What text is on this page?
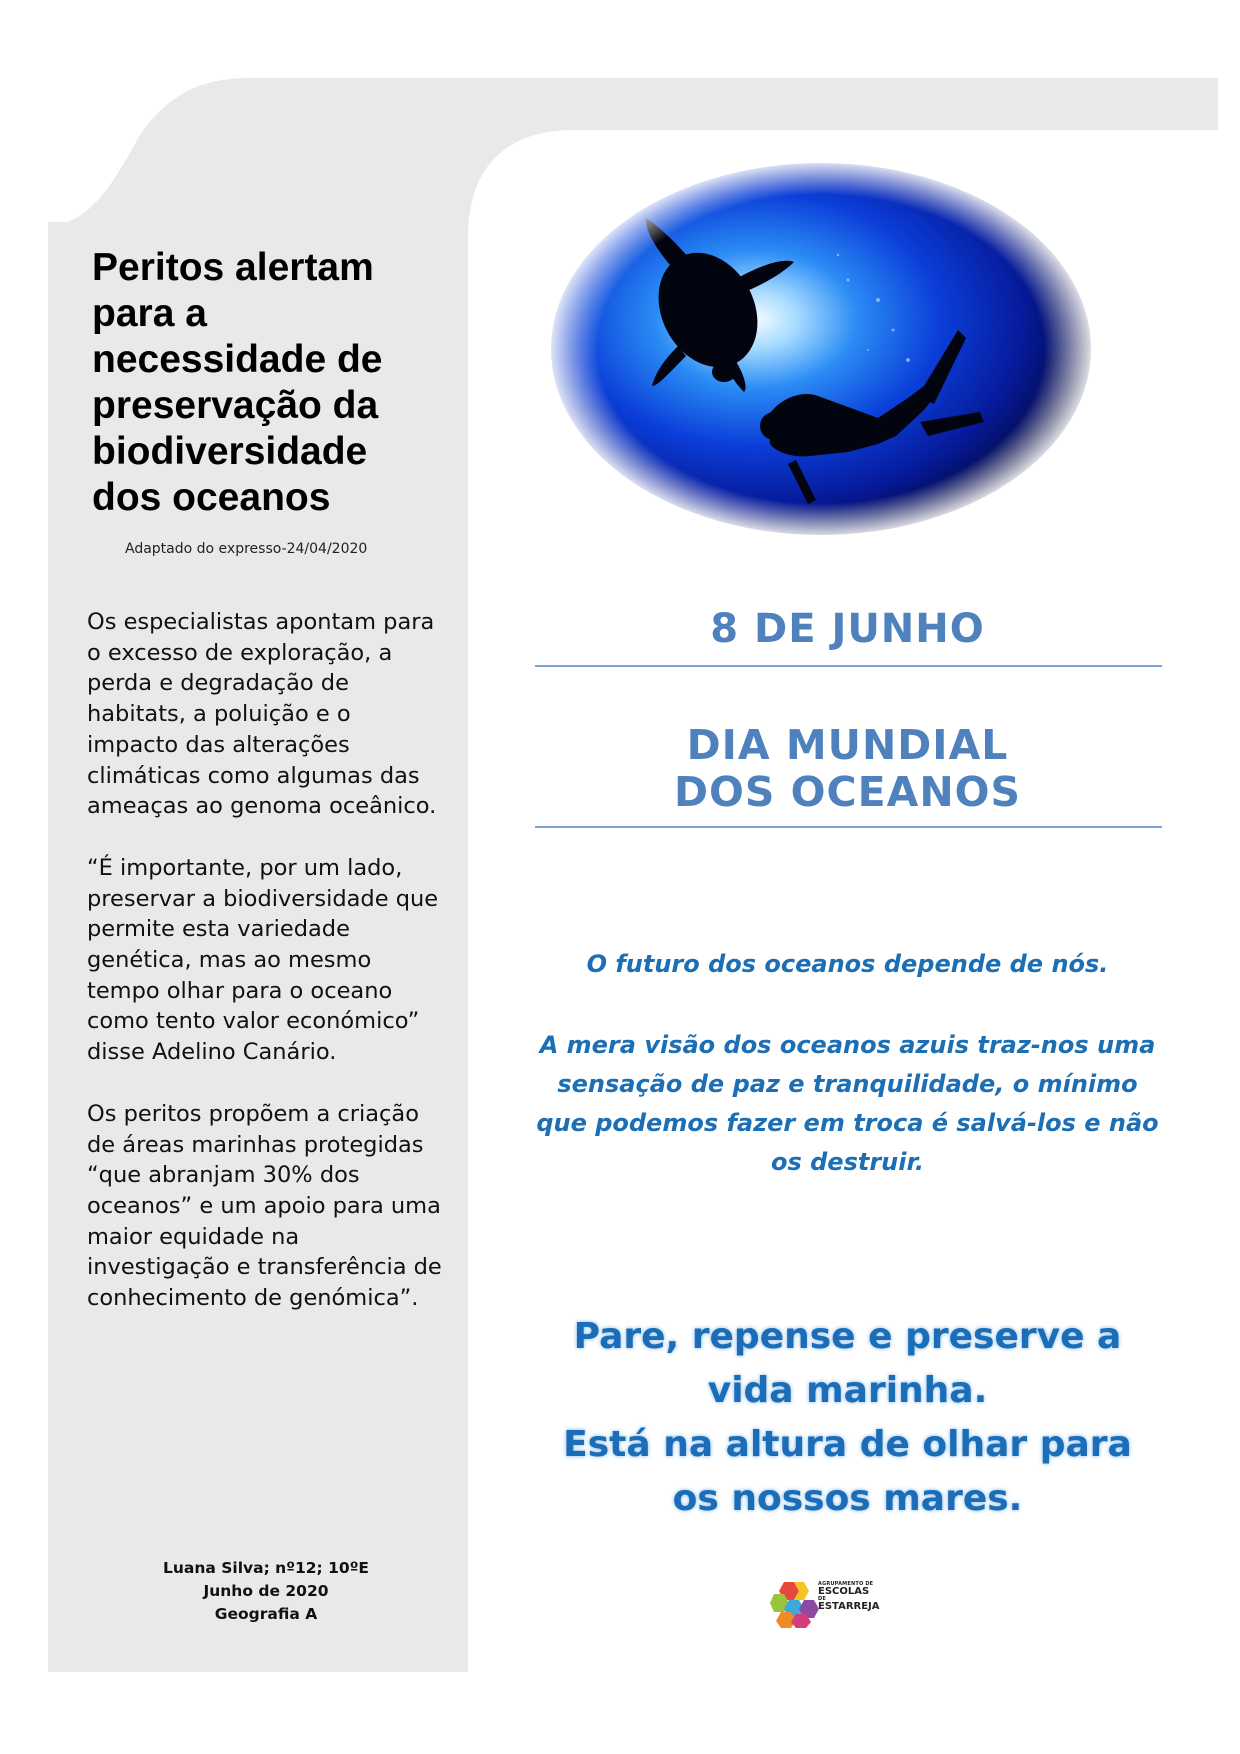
Peritos alertam
para a
necessidade de
preservação da
biodiversidade
dos oceanos
Adaptado do expresso-24/04/2020

Os especialistas apontam para o excesso de exploração, a perda e degradação de habitats, a poluição e o impacto das alterações climáticas como algumas das ameaças ao genoma oceânico.

“É importante, por um lado, preservar a biodiversidade que permite esta variedade genética, mas ao mesmo tempo olhar para o oceano como tento valor económico” disse Adelino Canário.

Os peritos propõem a criação de áreas marinhas protegidas “que abranjam 30% dos oceanos” e um apoio para uma maior equidade na investigação e transferência de conhecimento de genómica”.

Luana Silva; nº12; 10ºE
Junho de 2020
Geografia A
8 DE JUNHO
DIA MUNDIAL
DOS OCEANOS
O futuro dos oceanos depende de nós.
A mera visão dos oceanos azuis traz-nos uma sensação de paz e tranquilidade, o mínimo que podemos fazer em troca é salvá-los e não os destruir.
Pare, repense e preserve a
vida marinha.
Está na altura de olhar para
os nossos mares.
AGRUPAMENTO DE
ESCOLAS
DE
ESTARREJA
